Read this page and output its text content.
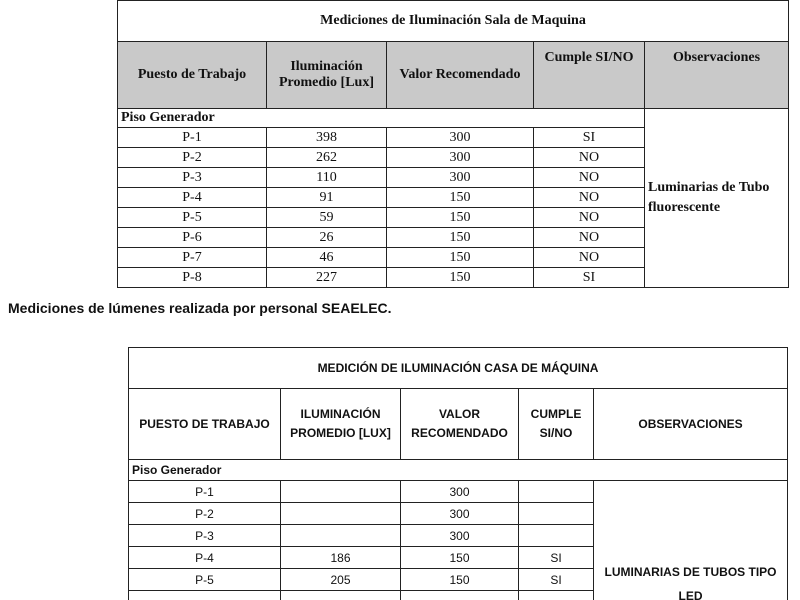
Mediciones de Iluminación Sala de Maquina				
Puesto de Trabajo	Iluminación Promedio [Lux]	Valor Recomendado	Cumple SI/NO	Observaciones
Piso Generador				Luminarias de Tubo fluorescente
P-1	398	300	SI	
P-2	262	300	NO	
P-3	110	300	NO	
P-4	91	150	NO	
P-5	59	150	NO	
P-6	26	150	NO	
P-7	46	150	NO	
P-8	227	150	SI	
Mediciones de lúmenes realizada por personal SEAELEC.
MEDICIÓN DE ILUMINACIÓN CASA DE MÁQUINA				
PUESTO DE TRABAJO	ILUMINACIÓN PROMEDIO [LUX]	VALOR RECOMENDADO	CUMPLE SI/NO	OBSERVACIONES
Piso Generador				
P-1		300		LUMINARIAS DE TUBOS TIPO LED
P-2		300		
P-3		300		
P-4	186	150	SI	
P-5	205	150	SI	
